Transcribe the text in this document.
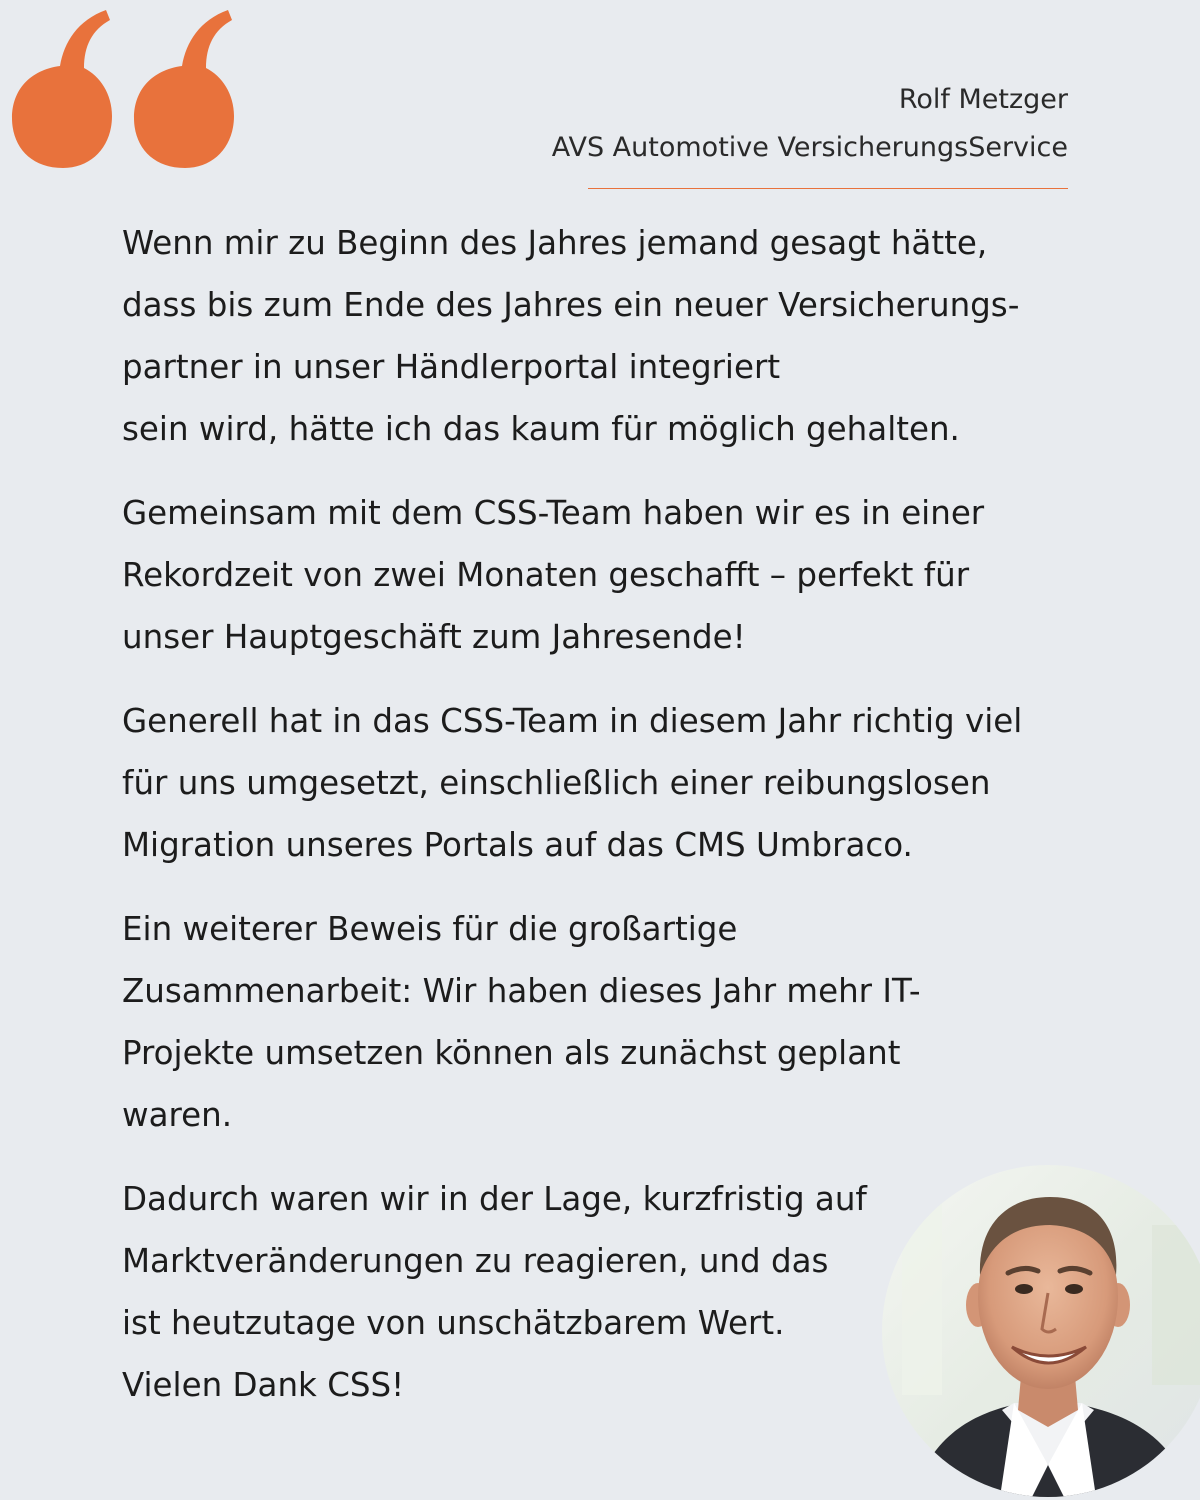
Rolf Metzger
AVS Automotive VersicherungsService

Wenn mir zu Beginn des Jahres jemand gesagt hätte,
dass bis zum Ende des Jahres ein neuer Versicherungs-
partner in unser Händlerportal integriert
sein wird, hätte ich das kaum für möglich gehalten.

Gemeinsam mit dem CSS-Team haben wir es in einer
Rekordzeit von zwei Monaten geschafft – perfekt für
unser Hauptgeschäft zum Jahresende!

Generell hat in das CSS-Team in diesem Jahr richtig viel
für uns umgesetzt, einschließlich einer reibungslosen
Migration unseres Portals auf das CMS Umbraco.

Ein weiterer Beweis für die großartige
Zusammenarbeit: Wir haben dieses Jahr mehr IT-
Projekte umsetzen können als zunächst geplant
waren.

Dadurch waren wir in der Lage, kurzfristig auf
Marktveränderungen zu reagieren, und das
ist heutzutage von unschätzbarem Wert.
Vielen Dank CSS!
